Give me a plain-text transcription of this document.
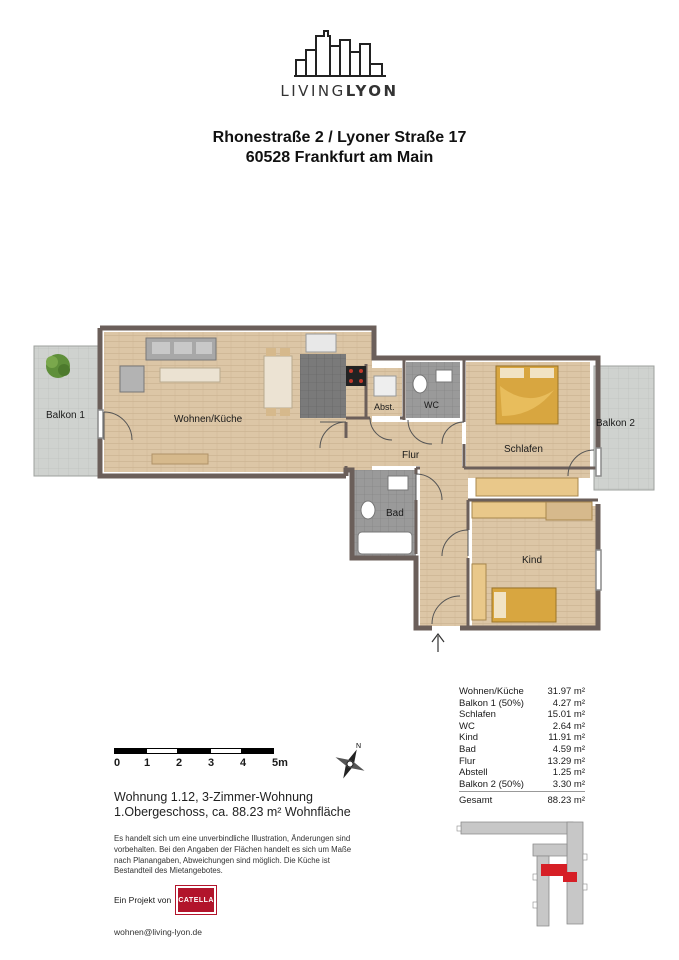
LIVINGLYON
Rhonestraße 2 / Lyoner Straße 17
60528 Frankfurt am Main
Balkon 1	Wohnen/Küche
Abst.	WC
Flur
Schlafen
Balkon 2
Bad
Kind
Wohnen/Küche 31.97 m²
Balkon 1 (50%)	4.27 m²
Schlafen	15.01 m²
WC	2.64 m²
Kind	11.91 m²
Bad	4.59 m²
Flur	13.29 m²
Abstell	1.25 m²
Balkon 2 (50%)	3.30 m²
Gesamt	88.23 m²
0 1 2 3 4 5m
N
Wohnung 1.12, 3-Zimmer-Wohnung
1.Obergeschoss, ca. 88.23 m² Wohnfläche
Es handelt sich um eine unverbindliche Illustration, Änderungen sind vorbehalten. Bei den Angaben der Flächen handelt es sich um Maße nach Planangaben, Abweichungen sind möglich. Die Küche ist Bestandteil des Mietangebotes.
Ein Projekt von CATELLA
wohnen@living-lyon.de
